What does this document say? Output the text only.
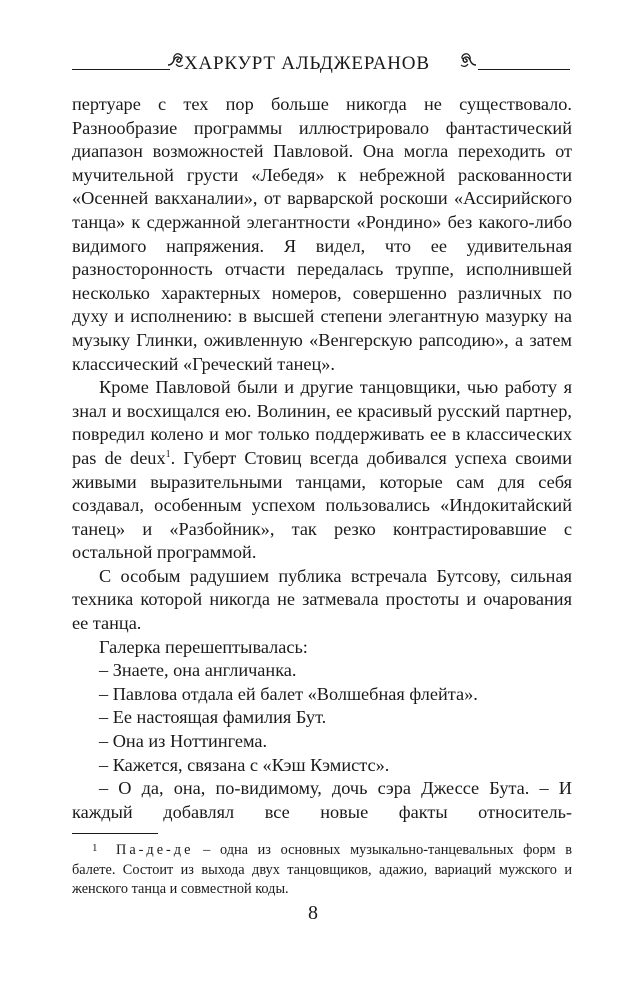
ХАРКУРТ АЛЬДЖЕРАНОВ

пертуаре с тех пор больше никогда не существовало. Разнообразие программы иллюстрировало фантастический диапазон возможностей Павловой. Она могла переходить от мучительной грусти «Лебедя» к небрежной раскованности «Осенней вакханалии», от варварской роскоши «Ассирийского танца» к сдержанной элегантности «Рондино» без какого-либо видимого напряжения. Я видел, что ее удивительная разносторонность отчасти передалась труппе, исполнившей несколько характерных номеров, совершенно различных по духу и исполнению: в высшей степени элегантную мазурку на музыку Глинки, оживленную «Венгерскую рапсодию», а затем классический «Греческий танец».

Кроме Павловой были и другие танцовщики, чью работу я знал и восхищался ею. Волинин, ее красивый русский партнер, повредил колено и мог только поддерживать ее в классических pas de deux$^1$. Губерт Стовиц всегда добивался успеха своими живыми выразительными танцами, которые сам для себя создавал, особенным успехом пользовались «Индокитайский танец» и «Разбойник», так резко контрастировавшие с остальной программой.

С особым радушием публика встречала Бутсову, сильная техника которой никогда не затмевала простоты и очарования ее танца.

Галерка перешептывалась:

– Знаете, она англичанка.

– Павлова отдала ей балет «Волшебная флейта».

– Ее настоящая фамилия Бут.

– Она из Ноттингема.

– Кажется, связана с «Кэш Кэмистс».

– О да, она, по-видимому, дочь сэра Джессе Бута. – И каждый добавлял все новые факты относитель-

1 Па-де-де – одна из основных музыкально-танцевальных форм в балете. Состоит из выхода двух танцовщиков, адажио, вариаций мужского и женского танца и совместной коды.
8
